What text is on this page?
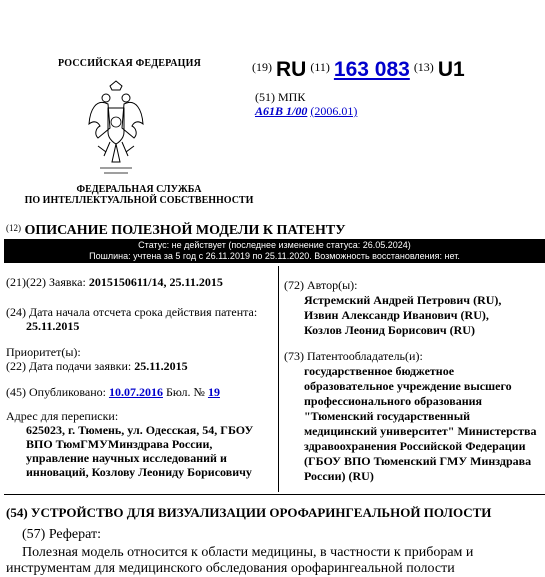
РОССИЙСКАЯ ФЕДЕРАЦИЯ
ФЕДЕРАЛЬНАЯ СЛУЖБА
ПО ИНТЕЛЛЕКТУАЛЬНОЙ СОБСТВЕННОСТИ
$^{(19)}$ RU $^{(11)}$ 163 083 $^{(13)}$ U1
(51) МПК
A61B 1/00 (2006.01)
$^{(12)}$ ОПИСАНИЕ ПОЛЕЗНОЙ МОДЕЛИ К ПАТЕНТУ
Статус: не действует (последнее изменение статуса: 26.05.2024)
Пошлина: учтена за 5 год с 26.11.2019 по 25.11.2020. Возможность восстановления: нет.
(21)(22) Заявка: 2015150611/14, 25.11.2015
(24) Дата начала отсчета срока действия патента:
25.11.2015
Приоритет(ы):
(22) Дата подачи заявки: 25.11.2015
(45) Опубликовано: 10.07.2016 Бюл. № 19
Адрес для переписки:
625023, г. Тюмень, ул. Одесская, 54, ГБОУ
ВПО ТюмГМУМинздрава России,
управление научных исследований и
инноваций, Козлову Леониду Борисовичу
(72) Автор(ы):
Ястремский Андрей Петрович (RU),
Извин Александр Иванович (RU),
Козлов Леонид Борисович (RU)
(73) Патентообладатель(и):
государственное бюджетное
образовательное учреждение высшего
профессионального образования
"Тюменский государственный
медицинский университет" Министерства
здравоохранения Российской Федерации
(ГБОУ ВПО Тюменский ГМУ Минздрава
России) (RU)
(54) УСТРОЙСТВО ДЛЯ ВИЗУАЛИЗАЦИИ ОРОФАРИНГЕАЛЬНОЙ ПОЛОСТИ
(57) Реферат:
Полезная модель относится к области медицины, в частности к приборам и
инструментам для медицинского обследования орофарингеальной полости
